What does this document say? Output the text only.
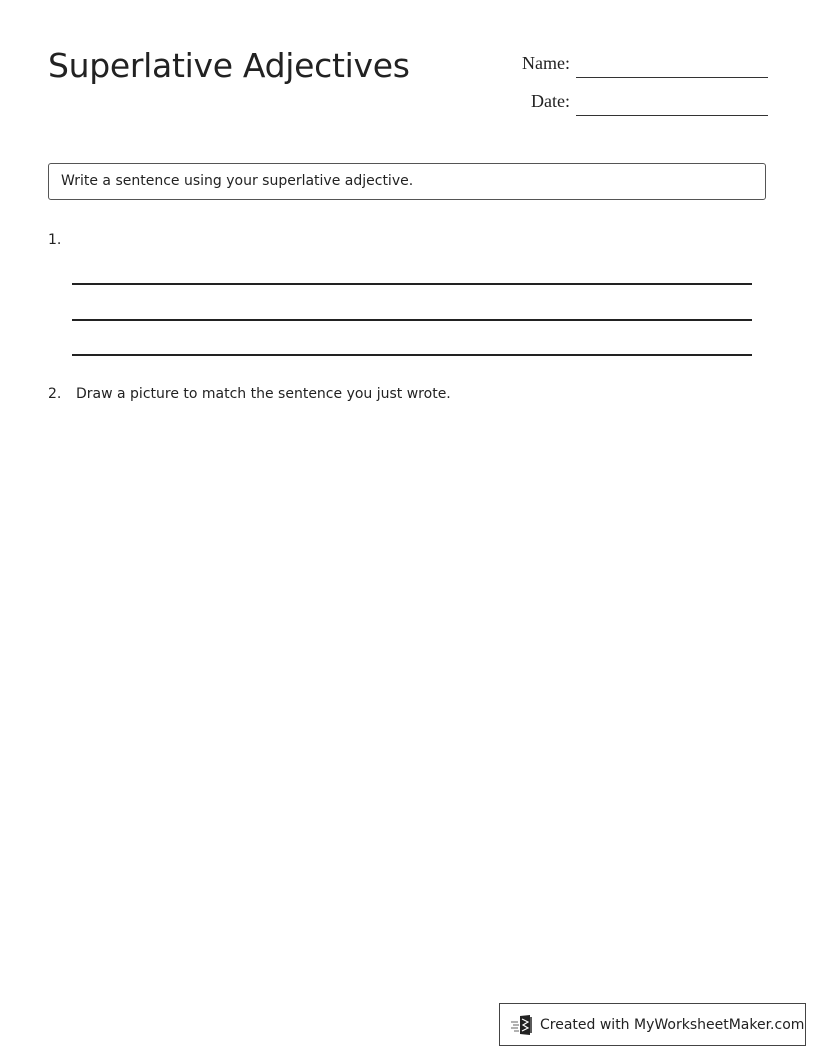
Superlative Adjectives	Name:
Date:
Write a sentence using your superlative adjective.
1.
2. Draw a picture to match the sentence you just wrote.
Created with MyWorksheetMaker.com
